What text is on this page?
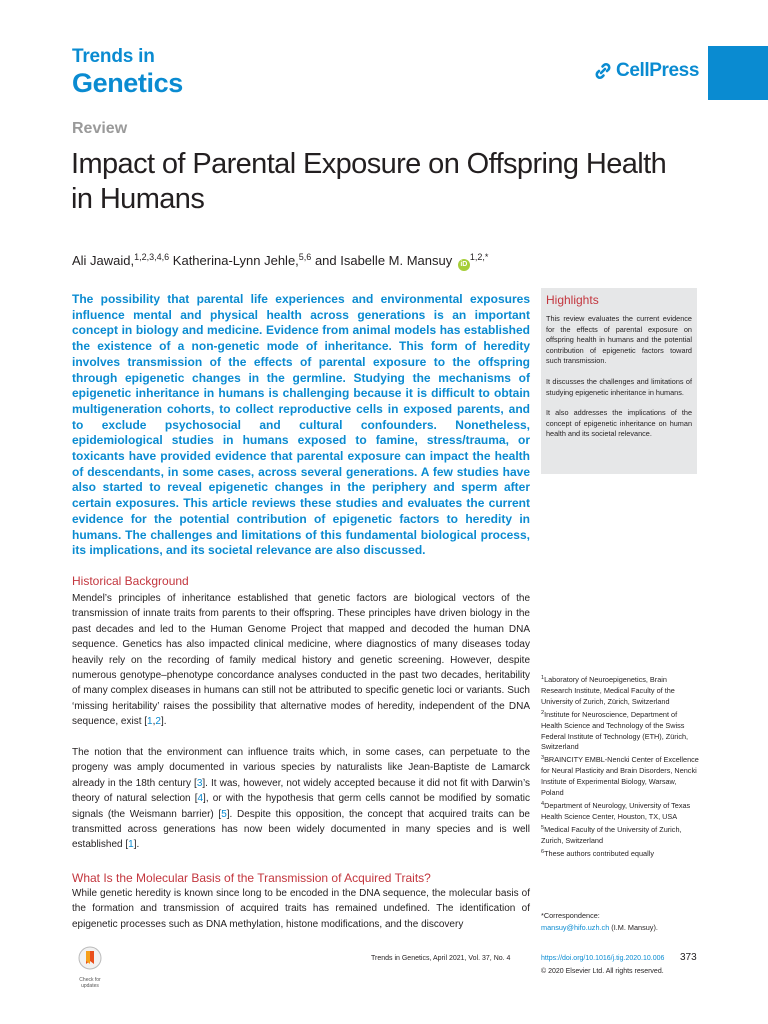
Trends in
Genetics	CellPress
Review
Impact of Parental Exposure on Offspring Health in Humans
Ali Jawaid,$^{1,2,3,4,6}$ Katherina-Lynn Jehle,$^{5,6}$ and Isabelle M. Mansuy $iD^{1,2,*}$

The possibility that parental life experiences and environmental exposures influence mental and physical health across generations is an important concept in biology and medicine. Evidence from animal models has established the existence of a non-genetic mode of inheritance. This form of heredity involves transmission of the effects of parental exposure to the offspring through epigenetic changes in the germline. Studying the mechanisms of epigenetic inheritance in humans is challenging because it is difficult to obtain multigeneration cohorts, to collect reproductive cells in exposed parents, and to exclude psychosocial and cultural confounders. Nonetheless, epidemiological studies in humans exposed to famine, stress/trauma, or toxicants have provided evidence that parental exposure can impact the health of descendants, in some cases, across several generations. A few studies have also started to reveal epigenetic changes in the periphery and sperm after certain exposures. This article reviews these studies and evaluates the current evidence for the potential contribution of epigenetic factors to heredity in humans. The challenges and limitations of this fundamental biological process, its implications, and its societal relevance are also discussed.

Highlights

This review evaluates the current evidence for the effects of parental exposure on offspring health in humans and the potential contribution of epigenetic factors toward such transmission.

It discusses the challenges and limitations of studying epigenetic inheritance in humans.

It also addresses the implications of the concept of epigenetic inheritance on human health and its societal relevance.

Historical Background

Mendel’s principles of inheritance established that genetic factors are biological vectors of the transmission of innate traits from parents to their offspring. These principles have driven biology in the past decades and led to the Human Genome Project that mapped and decoded the human DNA sequence. Genetics has also impacted clinical medicine, where diagnostics of many diseases today heavily rely on the recording of family medical history and genetic screening. However, despite numerous genotype–phenotype concordance analyses conducted in the past two decades, heritability of many complex diseases in humans can still not be attributed to specific genetic loci or variants. Such ‘missing heritability’ raises the possibility that alternative modes of heredity, independent of the DNA sequence, exist [1,2].

The notion that the environment can influence traits which, in some cases, can perpetuate to the progeny was amply documented in various species by naturalists like Jean-Baptiste de Lamarck already in the 18th century [3]. It was, however, not widely accepted because it did not fit with Darwin’s theory of natural selection [4], or with the hypothesis that germ cells cannot be modified by somatic signals (the Weismann barrier) [5]. Despite this opposition, the concept that acquired traits can be transmitted across generations has now been widely documented in many species and is well established [1].

What Is the Molecular Basis of the Transmission of Acquired Traits?

While genetic heredity is known since long to be encoded in the DNA sequence, the molecular basis of the formation and transmission of acquired traits has remained undefined. The identification of epigenetic processes such as DNA methylation, histone modifications, and the discovery

$^1$Laboratory of Neuroepigenetics, Brain Research Institute, Medical Faculty of the University of Zurich, Zürich, Switzerland

$^2$Institute for Neuroscience, Department of Health Science and Technology of the Swiss Federal Institute of Technology (ETH), Zürich, Switzerland

$^3$BRAINCITY EMBL-Nencki Center of Excellence for Neural Plasticity and Brain Disorders, Nencki Institute of Experimental Biology, Warsaw, Poland

$^4$Department of Neurology, University of Texas Health Science Center, Houston, TX, USA

$^5$Medical Faculty of the University of Zurich, Zurich, Switzerland

$^6$These authors contributed equally

*Correspondence:
mansuy@hifo.uzh.ch (I.M. Mansuy).
Check for updates
Trends in Genetics, April 2021, Vol. 37, No. 4	https://doi.org/10.1016/j.tig.2020.10.006 373
© 2020 Elsevier Ltd. All rights reserved.
